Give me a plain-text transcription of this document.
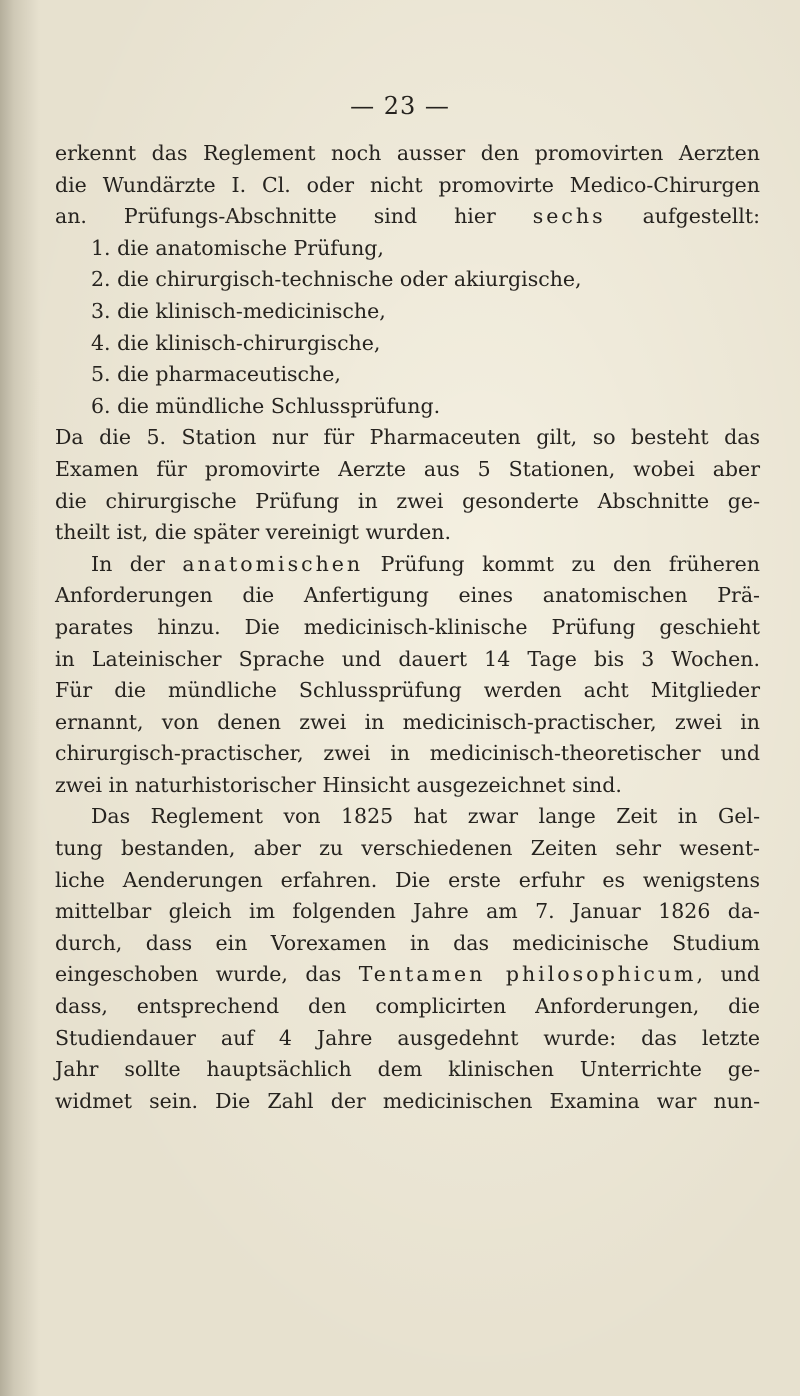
— 23 —
erkennt das Reglement noch ausser den promovirten Aerzten
die Wundärzte I. Cl. oder nicht promovirte Medico-Chirurgen
an. Prüfungs-Abschnitte sind hier sechs aufgestellt:
1. die anatomische Prüfung,
2. die chirurgisch-technische oder akiurgische,
3. die klinisch-medicinische,
4. die klinisch-chirurgische,
5. die pharmaceutische,
6. die mündliche Schlussprüfung.
Da die 5. Station nur für Pharmaceuten gilt, so besteht das
Examen für promovirte Aerzte aus 5 Stationen, wobei aber
die chirurgische Prüfung in zwei gesonderte Abschnitte ge-
theilt ist, die später vereinigt wurden.
In der anatomischen Prüfung kommt zu den früheren
Anforderungen die Anfertigung eines anatomischen Prä-
parates hinzu. Die medicinisch-klinische Prüfung geschieht
in Lateinischer Sprache und dauert 14 Tage bis 3 Wochen.
Für die mündliche Schlussprüfung werden acht Mitglieder
ernannt, von denen zwei in medicinisch-practischer, zwei in
chirurgisch-practischer, zwei in medicinisch-theoretischer und
zwei in naturhistorischer Hinsicht ausgezeichnet sind.
Das Reglement von 1825 hat zwar lange Zeit in Gel-
tung bestanden, aber zu verschiedenen Zeiten sehr wesent-
liche Aenderungen erfahren. Die erste erfuhr es wenigstens
mittelbar gleich im folgenden Jahre am 7. Januar 1826 da-
durch, dass ein Vorexamen in das medicinische Studium
eingeschoben wurde, das Tentamen philosophicum, und
dass, entsprechend den complicirten Anforderungen, die
Studiendauer auf 4 Jahre ausgedehnt wurde: das letzte
Jahr sollte hauptsächlich dem klinischen Unterrichte ge-
widmet sein. Die Zahl der medicinischen Examina war nun-
